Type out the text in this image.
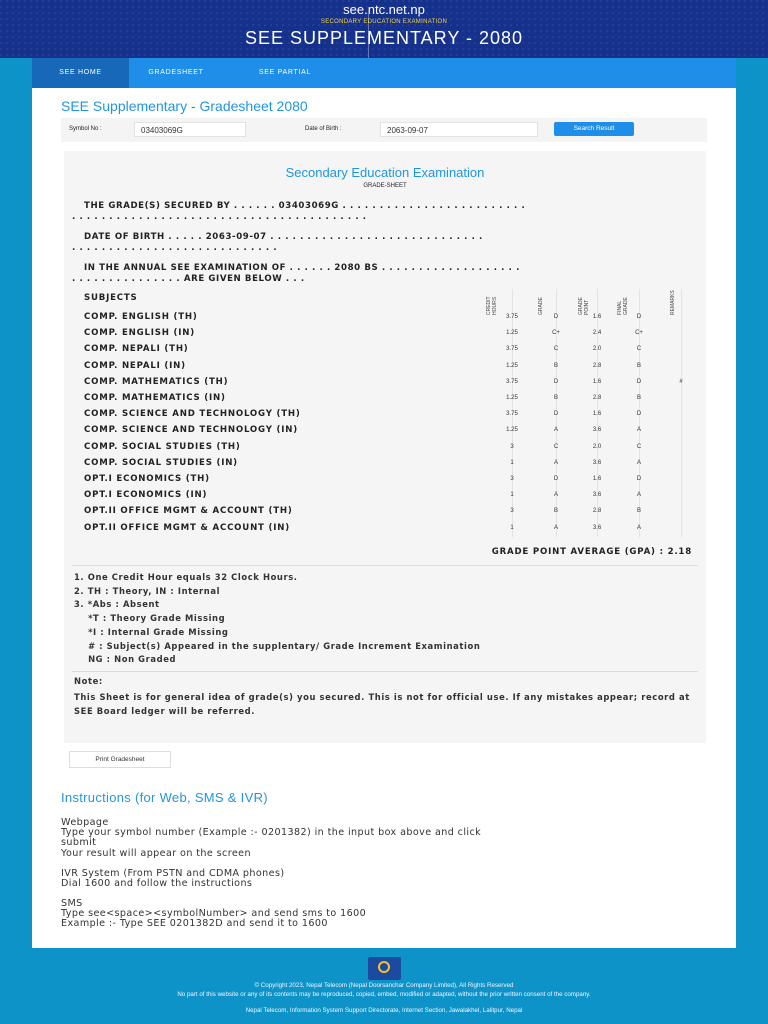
see.ntc.net.np
SECONDARY EDUCATION EXAMINATION
SEE SUPPLEMENTARY - 2080
SEE HOME	GRADESHEET	SEE PARTIAL
SEE Supplementary - Gradesheet 2080
Symbol No :	03403069G	Date of Birth :	2063-09-07	Search Result
Secondary Education Examination
GRADE-SHEET
THE GRADE(S) SECURED BY . . . . . . 03403069G . . . . . . . . . . . . . . . . . . . . . . . . .
. . . . . . . . . . . . . . . . . . . . . . . . . . . . . . . . . . . . . . . .
DATE OF BIRTH . . . . . 2063-09-07 . . . . . . . . . . . . . . . . . . . . . . . . . . . . .
. . . . . . . . . . . . . . . . . . . . . . . . . . . .
IN THE ANNUAL SEE EXAMINATION OF . . . . . . 2080 BS . . . . . . . . . . . . . . . . . . .
. . . . . . . . . . . . . . . ARE GIVEN BELOW . . .
SUBJECTS	CREDIT HOURS	GRADE	GRADE POINT	FINAL GRADE	REMARKS
COMP. ENGLISH (TH)	3.75	D	1.6	D
COMP. ENGLISH (IN)	1.25	C+	2.4	C+
COMP. NEPALI (TH)	3.75	C	2.0	C
COMP. NEPALI (IN)	1.25	B	2.8	B
COMP. MATHEMATICS (TH)	3.75	D	1.6	D	#
COMP. MATHEMATICS (IN)	1.25	B	2.8	B
COMP. SCIENCE AND TECHNOLOGY (TH)	3.75	D	1.6	D
COMP. SCIENCE AND TECHNOLOGY (IN)	1.25	A	3.6	A
COMP. SOCIAL STUDIES (TH)	3	C	2.0	C
COMP. SOCIAL STUDIES (IN)	1	A	3.6	A
OPT.I ECONOMICS (TH)	3	D	1.6	D
OPT.I ECONOMICS (IN)	1	A	3.6	A
OPT.II OFFICE MGMT & ACCOUNT (TH)	3	B	2.8	B
OPT.II OFFICE MGMT & ACCOUNT (IN)	1	A	3.6	A
GRADE POINT AVERAGE (GPA) : 2.18
1. One Credit Hour equals 32 Clock Hours.
2. TH : Theory, IN : Internal
3. *Abs : Absent
*T : Theory Grade Missing
*I : Internal Grade Missing
# : Subject(s) Appeared in the supplentary/ Grade Increment Examination
NG : Non Graded
Note:
This Sheet is for general idea of grade(s) you secured. This is not for official use. If any mistakes appear; record at SEE Board ledger will be referred.
Print Gradesheet
Instructions (for Web, SMS & IVR)
Webpage
Type your symbol number (Example :- 0201382) in the input box above and click
submit
Your result will appear on the screen
IVR System (From PSTN and CDMA phones)
Dial 1600 and follow the instructions
SMS
Type see<space><symbolNumber> and send sms to 1600
Example :- Type SEE 0201382D and send it to 1600
© Copyright 2023, Nepal Telecom (Nepal Doorsanchar Company Limited), All Rights Reserved
No part of this website or any of its contents may be reproduced, copied, embed, modified or adapted, without the prior written consent of the company.
Nepal Telecom, Information System Support Directorate, Internet Section, Jawalakhel, Lalitpur, Nepal
